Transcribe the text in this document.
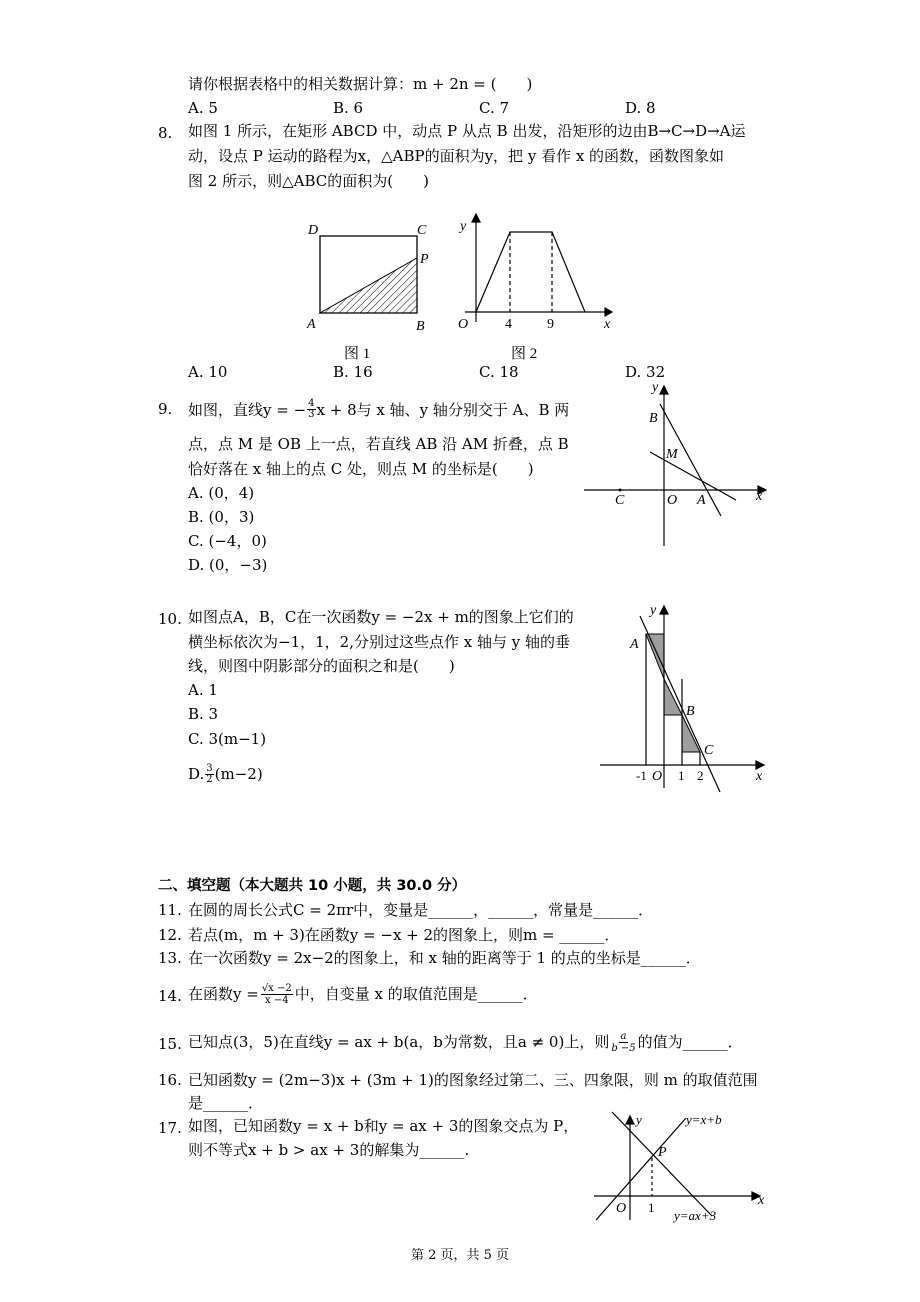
请你根据表格中的相关数据计算：m + 2n = (　　)
A. 5	B. 6	C. 7	D. 8
8. 如图 1 所示，在矩形 ABCD 中，动点 P 从点 B 出发，沿矩形的边由B→C→D→A运
动，设点 P 运动的路程为x，△ABP的面积为y，把 y 看作 x 的函数，函数图象如
图 2 所示，则△ABC的面积为(　　)
D	C
P
A	B
图 1
y
O	4	9	x
图 2
A. 10	B. 16	C. 18	D. 32
9. 如图，直线y = − $\frac{4}{3}$ x + 8与 x 轴、y 轴分别交于 A、B 两
点，点 M 是 OB 上一点，若直线 AB 沿 AM 折叠，点 B
恰好落在 x 轴上的点 C 处，则点 M 的坐标是(　　)
A. (0，4)
B. (0，3)
C. (−4，0)
D. (0，−3)
y
B
M
C	O A	x
10. 如图点A，B，C在一次函数y = −2x + m的图象上它们的
横坐标依次为−1，1，2,分别过这些点作 x 轴与 y 轴的垂
线，则图中阴影部分的面积之和是(　　)
A. 1
B. 3
C. 3(m−1)
D. $\frac{3}{2} (m-2)$
y
A
B
C
-1 O 1 2	x
二、填空题（本大题共 10 小题，共 30.0 分）
11. 在圆的周长公式C = 2πr中，变量是______，______，常量是______．
12. 若点(m，m + 3)在函数y = −x + 2的图象上，则m = ______．
13. 在一次函数y = 2x−2的图象上，和 x 轴的距离等于 1 的点的坐标是______．
14. 在函数$y = \frac{√x -2}{x -4}$ 中，自变量 x 的取值范围是______．
15. 已知点(3，5)在直线y = ax + b(a，b为常数，且a ≠ 0)上，则 $\frac{a}{b -5}$ 的值为______．
16. 已知函数y = (2m−3)x + (3m + 1)的图象经过第二、三、四象限，则 m 的取值范围
是______．
17. 如图，已知函数y = x + b和y = ax + 3的图象交点为 P，
则不等式x + b > ax + 3的解集为______.
y	y=x+b
P
O 1	x
y=ax+3
第 2 页，共 5 页
